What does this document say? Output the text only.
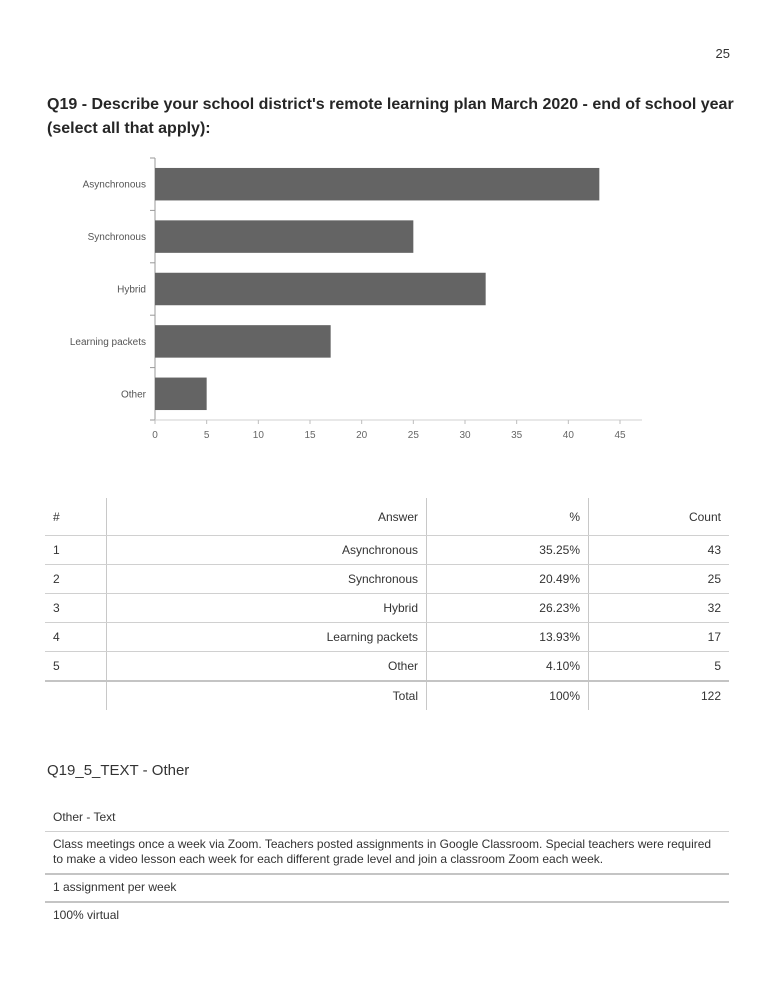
25
Q19 - Describe your school district's remote learning plan March 2020 - end of school year
(select all that apply):
0	5	10	15	20	25	30	35	40	45
Asynchronous
Synchronous
Hybrid
Learning packets
Other
#	Answer	%	Count
1	Asynchronous	35.25%	43
2	Synchronous	20.49%	25
3	Hybrid	26.23%	32
4	Learning packets	13.93%	17
5	Other	4.10%	5
	Total	100%	122
Q19_5_TEXT - Other
Other - Text
Class meetings once a week via Zoom. Teachers posted assignments in Google Classroom. Special teachers were required to make a video lesson each week for each different grade level and join a classroom Zoom each week.
1 assignment per week
100% virtual
